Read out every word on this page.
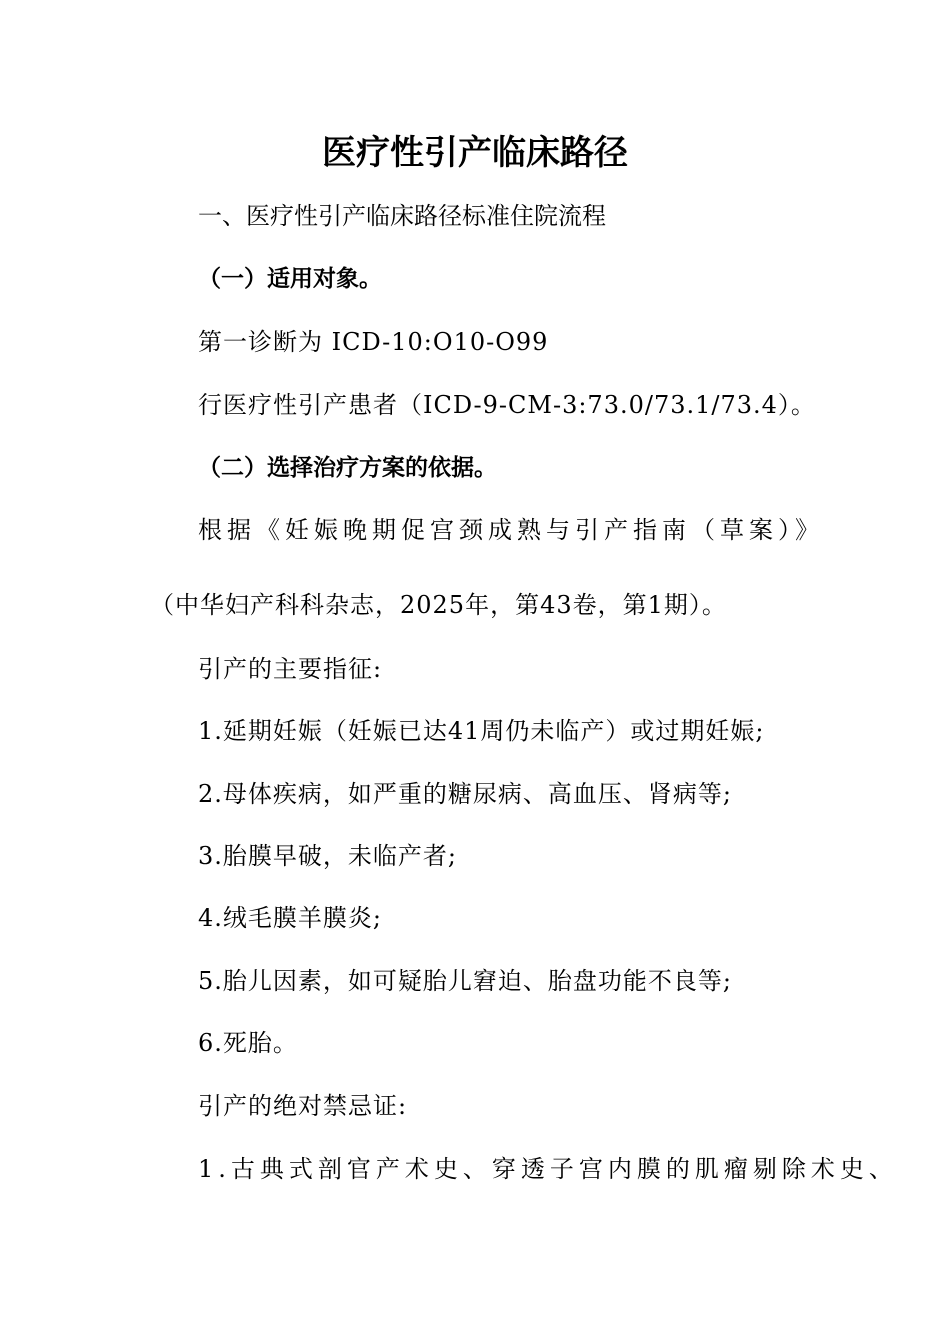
医疗性引产临床路径

一、医疗性引产临床路径标准住院流程

（一）适用对象。

第一诊断为 ICD-10:O10-O99

行医疗性引产患者（ICD-9-CM-3:73.0/73.1/73.4）。

（二）选择治疗方案的依据。

根据《妊娠晚期促宫颈成熟与引产指南（草案）》

（中华妇产科科杂志，2025年，第43卷，第1期）。

引产的主要指征:

1.延期妊娠（妊娠已达41周仍未临产）或过期妊娠;

2.母体疾病，如严重的糖尿病、高血压、肾病等;

3.胎膜早破，未临产者;

4.绒毛膜羊膜炎;

5.胎儿因素，如可疑胎儿窘迫、胎盘功能不良等;

6.死胎。

引产的绝对禁忌证:

1.古典式剖官产术史、穿透子宫内膜的肌瘤剔除术史、
